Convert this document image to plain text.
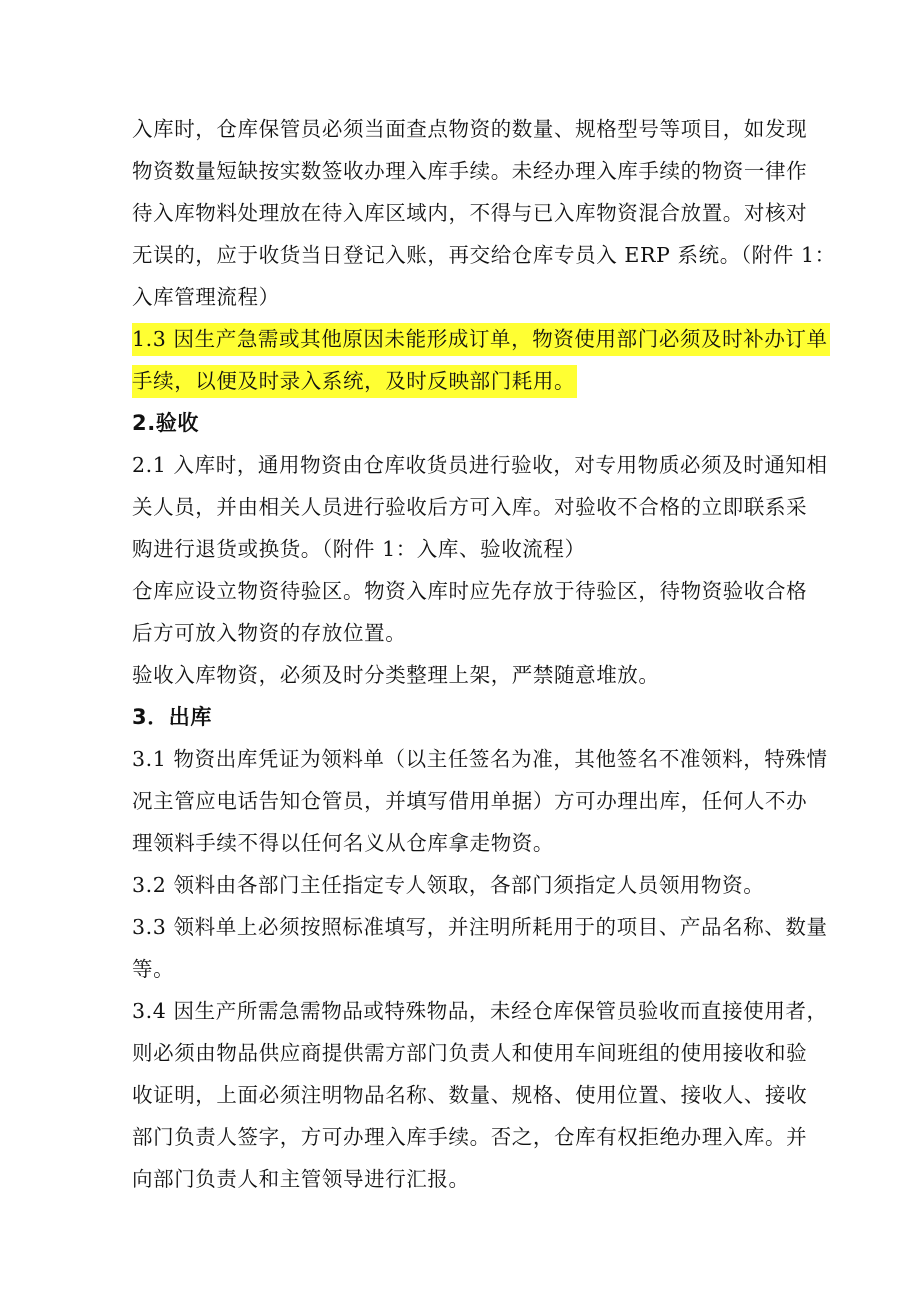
入库时，仓库保管员必须当面查点物资的数量、规格型号等项目，如发现
物资数量短缺按实数签收办理入库手续。未经办理入库手续的物资一律作
待入库物料处理放在待入库区域内，不得与已入库物资混合放置。对核对
无误的，应于收货当日登记入账，再交给仓库专员入 ERP 系统。（附件 1：
入库管理流程）
1.3 因生产急需或其他原因未能形成订单，物资使用部门必须及时补办订单
手续，以便及时录入系统，及时反映部门耗用。
2.验收
2.1 入库时，通用物资由仓库收货员进行验收，对专用物质必须及时通知相
关人员，并由相关人员进行验收后方可入库。对验收不合格的立即联系采
购进行退货或换货。（附件 1：入库、验收流程）
仓库应设立物资待验区。物资入库时应先存放于待验区，待物资验收合格
后方可放入物资的存放位置。
验收入库物资，必须及时分类整理上架，严禁随意堆放。
3．出库
3.1 物资出库凭证为领料单（以主任签名为准，其他签名不准领料，特殊情
况主管应电话告知仓管员，并填写借用单据）方可办理出库，任何人不办
理领料手续不得以任何名义从仓库拿走物资。
3.2 领料由各部门主任指定专人领取，各部门须指定人员领用物资。
3.3 领料单上必须按照标准填写，并注明所耗用于的项目、产品名称、数量
等。
3.4 因生产所需急需物品或特殊物品，未经仓库保管员验收而直接使用者，
则必须由物品供应商提供需方部门负责人和使用车间班组的使用接收和验
收证明，上面必须注明物品名称、数量、规格、使用位置、接收人、接收
部门负责人签字，方可办理入库手续。否之，仓库有权拒绝办理入库。并
向部门负责人和主管领导进行汇报。
